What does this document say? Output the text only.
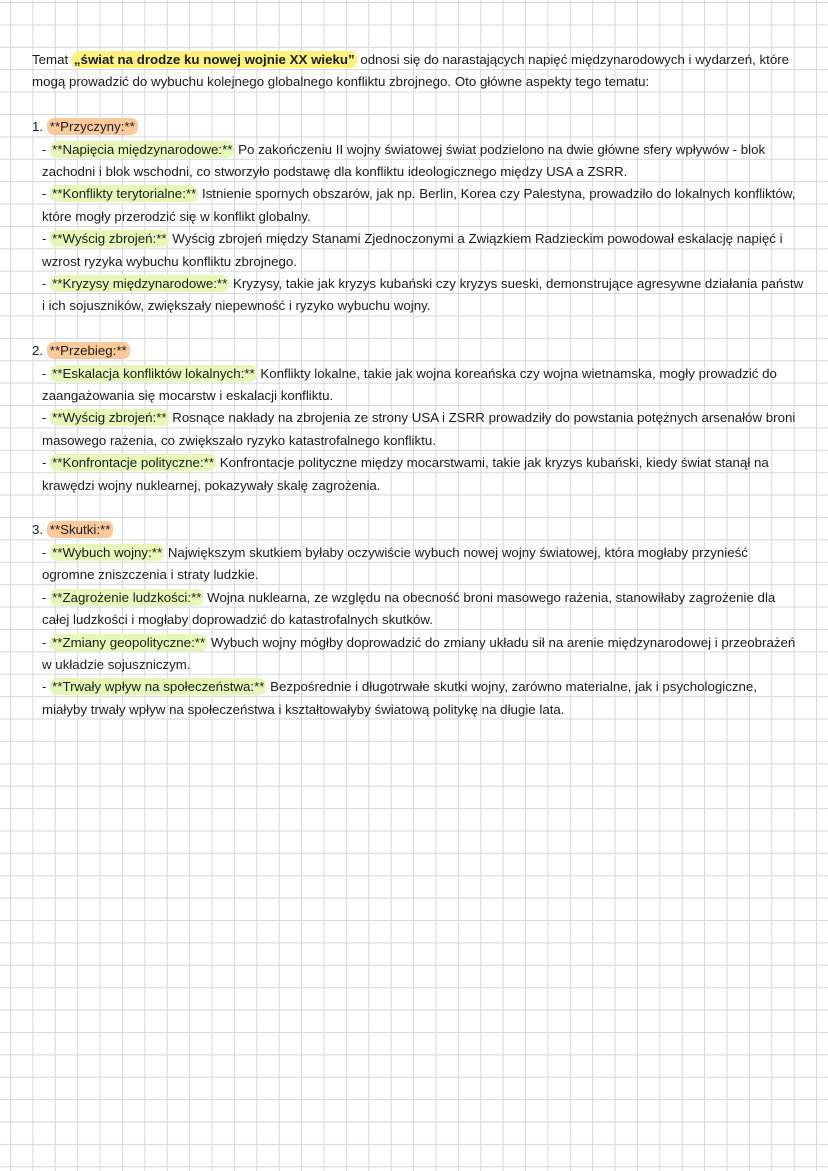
Temat „świat na drodze ku nowej wojnie XX wieku” odnosi się do narastających napięć międzynarodowych i wydarzeń, które mogą prowadzić do wybuchu kolejnego globalnego konfliktu zbrojnego. Oto główne aspekty tego tematu:

1. **Przyczyny:**

- **Napięcia międzynarodowe:** Po zakończeniu II wojny światowej świat podzielono na dwie główne sfery wpływów - blok zachodni i blok wschodni, co stworzyło podstawę dla konfliktu ideologicznego między USA a ZSRR.

- **Konflikty terytorialne:** Istnienie spornych obszarów, jak np. Berlin, Korea czy Palestyna, prowadziło do lokalnych konfliktów, które mogły przerodzić się w konflikt globalny.

- **Wyścig zbrojeń:** Wyścig zbrojeń między Stanami Zjednoczonymi a Związkiem Radzieckim powodował eskalację napięć i wzrost ryzyka wybuchu konfliktu zbrojnego.

- **Kryzysy międzynarodowe:** Kryzysy, takie jak kryzys kubański czy kryzys sueski, demonstrujące agresywne działania państw i ich sojuszników, zwiększały niepewność i ryzyko wybuchu wojny.

2. **Przebieg:**

- **Eskalacja konfliktów lokalnych:** Konflikty lokalne, takie jak wojna koreańska czy wojna wietnamska, mogły prowadzić do zaangażowania się mocarstw i eskalacji konfliktu.

- **Wyścig zbrojeń:** Rosnące nakłady na zbrojenia ze strony USA i ZSRR prowadziły do powstania potężnych arsenałów broni masowego rażenia, co zwiększało ryzyko katastrofalnego konfliktu.

- **Konfrontacje polityczne:** Konfrontacje polityczne między mocarstwami, takie jak kryzys kubański, kiedy świat stanął na krawędzi wojny nuklearnej, pokazywały skalę zagrożenia.

3. **Skutki:**

- **Wybuch wojny:** Największym skutkiem byłaby oczywiście wybuch nowej wojny światowej, która mogłaby przynieść ogromne zniszczenia i straty ludzkie.

- **Zagrożenie ludzkości:** Wojna nuklearna, ze względu na obecność broni masowego rażenia, stanowiłaby zagrożenie dla całej ludzkości i mogłaby doprowadzić do katastrofalnych skutków.

- **Zmiany geopolityczne:** Wybuch wojny mógłby doprowadzić do zmiany układu sił na arenie międzynarodowej i przeobrażeń w układzie sojuszniczym.

- **Trwały wpływ na społeczeństwa:** Bezpośrednie i długotrwałe skutki wojny, zarówno materialne, jak i psychologiczne, miałyby trwały wpływ na społeczeństwa i kształtowałyby światową politykę na długie lata.
